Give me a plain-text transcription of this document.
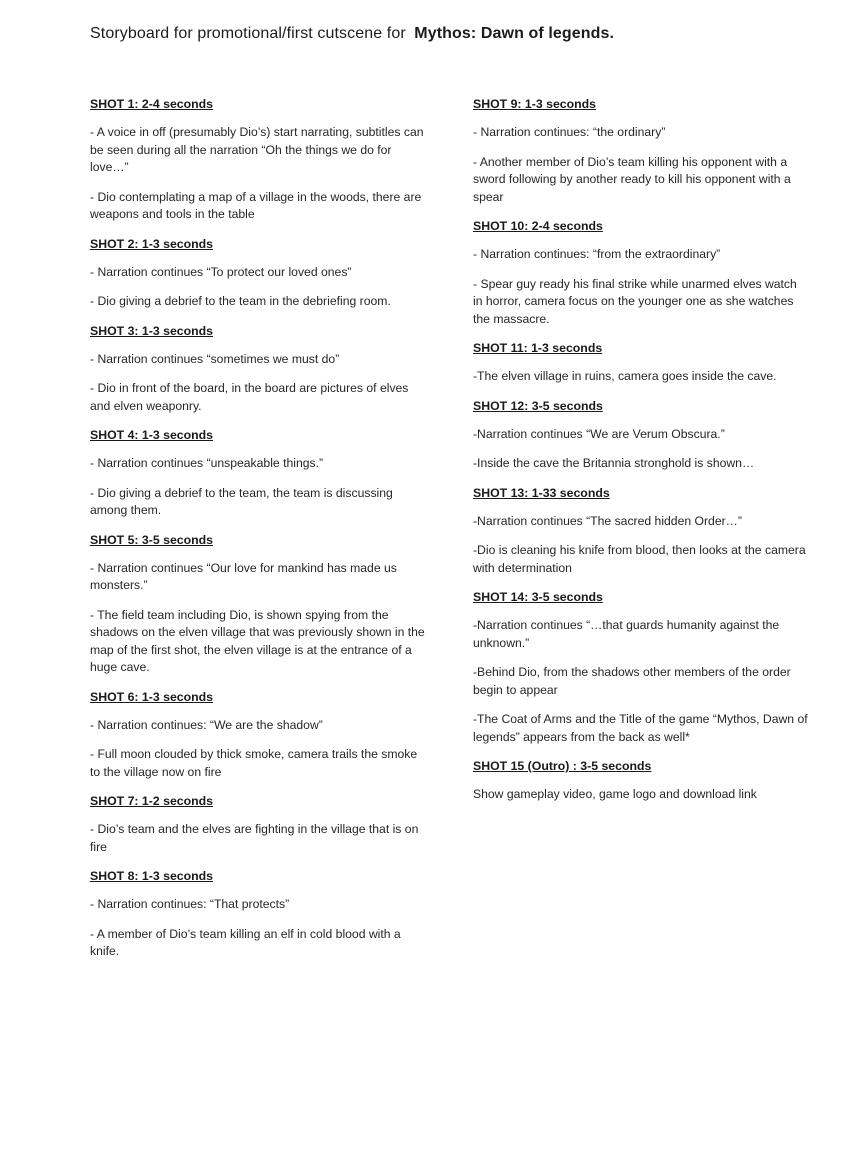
Storyboard for promotional/first cutscene for Mythos: Dawn of legends.
SHOT 1: 2-4 seconds
- A voice in off (presumably Dio’s) start narrating, subtitles can be seen during all the narration “Oh the things we do for love…”
- Dio contemplating a map of a village in the woods, there are weapons and tools in the table
SHOT 2: 1-3 seconds
- Narration continues “To protect our loved ones”
- Dio giving a debrief to the team in the debriefing room.
SHOT 3: 1-3 seconds
- Narration continues “sometimes we must do”
- Dio in front of the board, in the board are pictures of elves and elven weaponry.
SHOT 4: 1-3 seconds
- Narration continues “unspeakable things.”
- Dio giving a debrief to the team, the team is discussing among them.
SHOT 5: 3-5 seconds
- Narration continues “Our love for mankind has made us monsters.”
- The field team including Dio, is shown spying from the shadows on the elven village that was previously shown in the map of the first shot, the elven village is at the entrance of a huge cave.
SHOT 6: 1-3 seconds
- Narration continues: “We are the shadow”
- Full moon clouded by thick smoke, camera trails the smoke to the village now on fire
SHOT 7: 1-2 seconds
- Dio’s team and the elves are fighting in the village that is on fire
SHOT 8: 1-3 seconds
- Narration continues: “That protects”
- A member of Dio’s team killing an elf in cold blood with a knife.
SHOT 9: 1-3 seconds
- Narration continues: “the ordinary”
- Another member of Dio’s team killing his opponent with a sword following by another ready to kill his opponent with a spear
SHOT 10: 2-4 seconds
- Narration continues: “from the extraordinary”
- Spear guy ready his final strike while unarmed elves watch in horror, camera focus on the younger one as she watches the massacre.
SHOT 11: 1-3 seconds
-The elven village in ruins, camera goes inside the cave.
SHOT 12: 3-5 seconds
-Narration continues “We are Verum Obscura.”
-Inside the cave the Britannia stronghold is shown…
SHOT 13: 1-33 seconds
-Narration continues “The sacred hidden Order…”
-Dio is cleaning his knife from blood, then looks at the camera with determination
SHOT 14: 3-5 seconds
-Narration continues “…that guards humanity against the unknown.”
-Behind Dio, from the shadows other members of the order begin to appear
-The Coat of Arms and the Title of the game “Mythos, Dawn of legends” appears from the back as well*
SHOT 15 (Outro) : 3-5 seconds
Show gameplay video, game logo and download link
